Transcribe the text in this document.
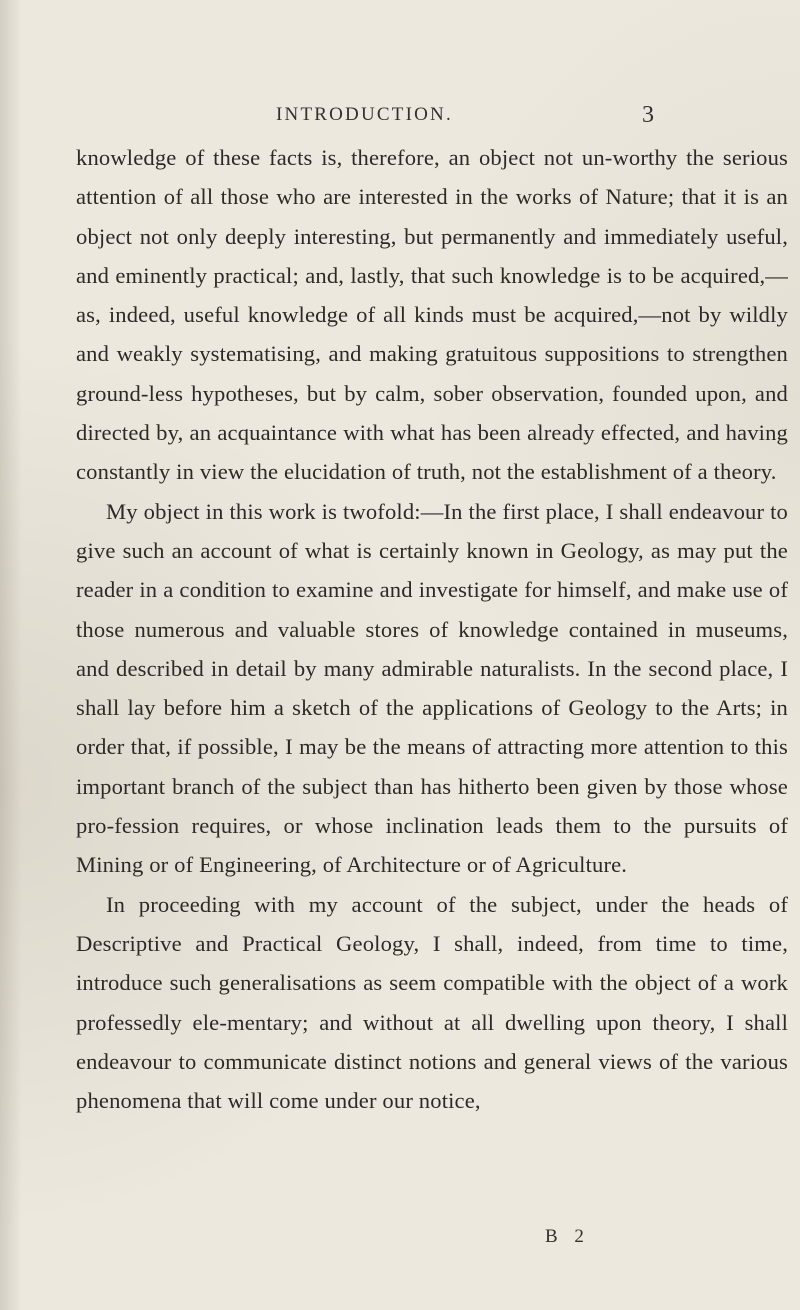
INTRODUCTION.	3

knowledge of these facts is, therefore, an object not un-worthy the serious attention of all those who are interested in the works of Nature; that it is an object not only deeply interesting, but permanently and immediately useful, and eminently practical; and, lastly, that such knowledge is to be acquired,—as, indeed, useful knowledge of all kinds must be acquired,—not by wildly and weakly systematising, and making gratuitous suppositions to strengthen ground-less hypotheses, but by calm, sober observation, founded upon, and directed by, an acquaintance with what has been already effected, and having constantly in view the elucidation of truth, not the establishment of a theory.

My object in this work is twofold:—In the first place, I shall endeavour to give such an account of what is certainly known in Geology, as may put the reader in a condition to examine and investigate for himself, and make use of those numerous and valuable stores of knowledge contained in museums, and described in detail by many admirable naturalists. In the second place, I shall lay before him a sketch of the applications of Geology to the Arts; in order that, if possible, I may be the means of attracting more attention to this important branch of the subject than has hitherto been given by those whose pro-fession requires, or whose inclination leads them to the pursuits of Mining or of Engineering, of Architecture or of Agriculture.

In proceeding with my account of the subject, under the heads of Descriptive and Practical Geology, I shall, indeed, from time to time, introduce such generalisations as seem compatible with the object of a work professedly ele-mentary; and without at all dwelling upon theory, I shall endeavour to communicate distinct notions and general views of the various phenomena that will come under our notice,

B 2
